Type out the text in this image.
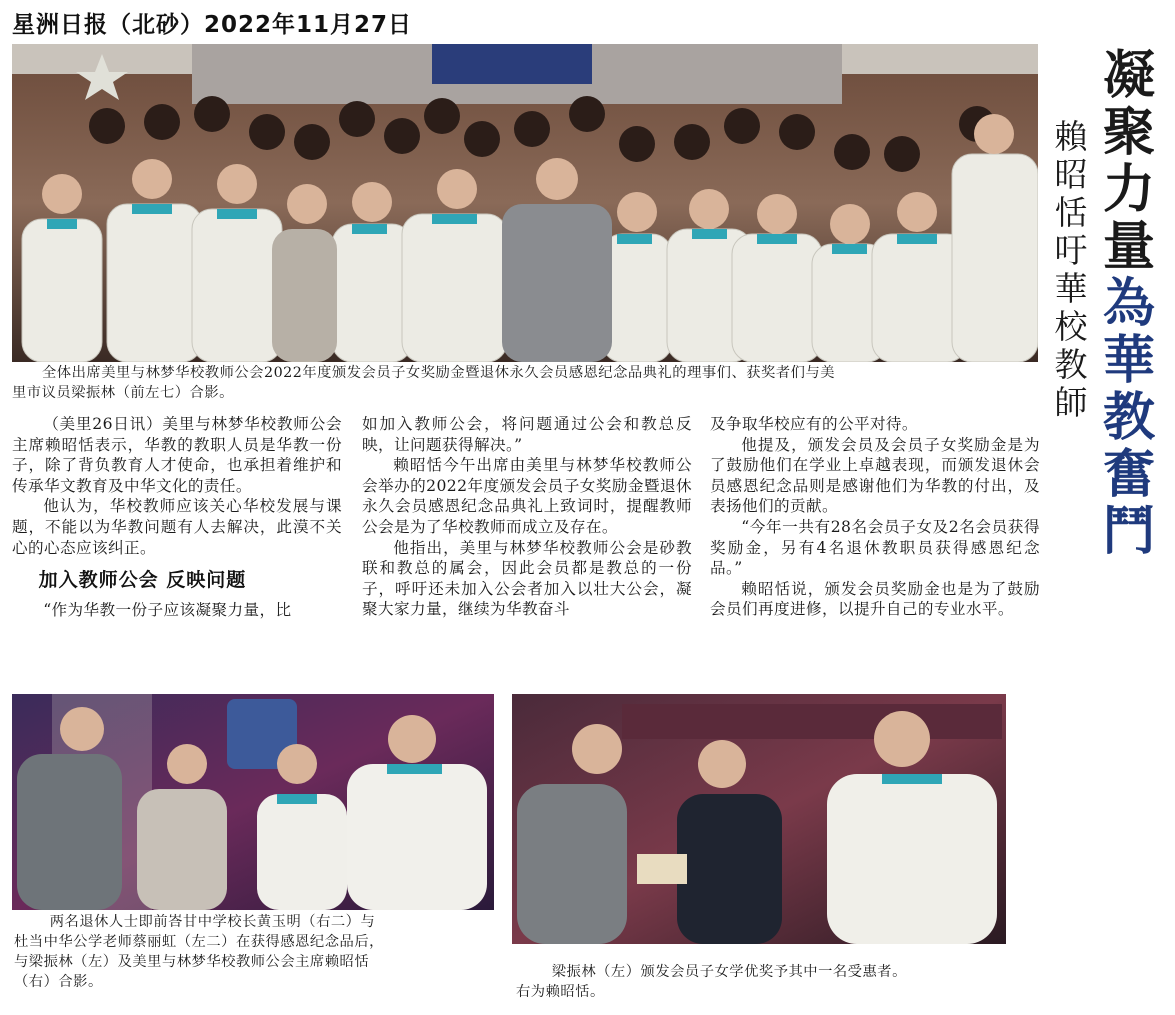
星洲日报（北砂）2022年11月27日
全体出席美里与林梦华校教师公会2022年度颁发会员子女奖励金暨退休永久会员感恩纪念品典礼的理事们、获奖者们与美
里市议员梁振林（前左七）合影。

（美里26日讯）美里与林梦华校教师公会主席赖昭恬表示，华教的教职人员是华教一份子，除了背负教育人才使命，也承担着维护和传承华文教育及中华文化的责任。

他认为，华校教师应该关心华校发展与课题，不能以为华教问题有人去解决，此漠不关心的心态应该纠正。

加入教师公会 反映问题

“作为华教一份子应该凝聚力量，比

如加入教师公会，将问题通过公会和教总反映，让问题获得解决。”

赖昭恬今午出席由美里与林梦华校教师公会举办的2022年度颁发会员子女奖励金暨退休永久会员感恩纪念品典礼上致词时，提醒教师公会是为了华校教师而成立及存在。

他指出，美里与林梦华校教师公会是砂教联和教总的属会，因此会员都是教总的一份子，呼吁还未加入公会者加入以壮大公会，凝聚大家力量，继续为华教奋斗

及争取华校应有的公平对待。

他提及，颁发会员及会员子女奖励金是为了鼓励他们在学业上卓越表现，而颁发退休会员感恩纪念品则是感谢他们为华教的付出，及表扬他们的贡献。

“今年一共有28名会员子女及2名会员获得奖励金，另有4名退休教职员获得感恩纪念品。”

赖昭恬说，颁发会员奖励金也是为了鼓励会员们再度进修，以提升自己的专业水平。

凝
聚
力
量
為
華
教
奮
鬥
賴
昭
恬
吁
華
校
教
師
两名退休人士即前峇甘中学校长黄玉明（右二）与
杜当中华公学老师蔡丽虹（左二）在获得感恩纪念品后，
与梁振林（左）及美里与林梦华校教师公会主席赖昭恬
（右）合影。
梁振林（左）颁发会员子女学优奖予其中一名受惠者。
右为赖昭恬。
